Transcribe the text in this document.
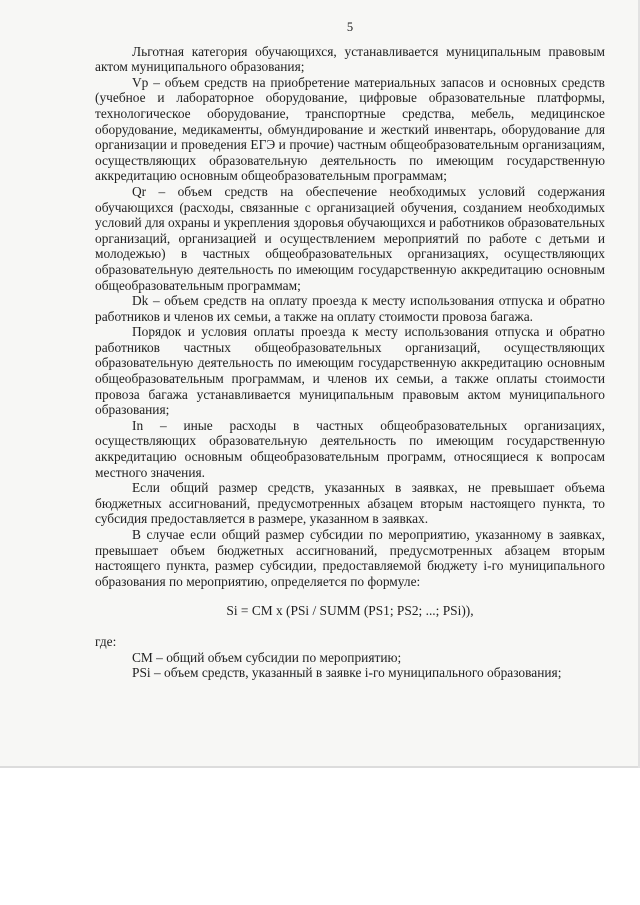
5

Льготная категория обучающихся, устанавливается муниципальным правовым актом муниципального образования;

Vp – объем средств на приобретение материальных запасов и основных средств (учебное и лабораторное оборудование, цифровые образовательные платформы, технологическое оборудование, транспортные средства, мебель, медицинское оборудование, медикаменты, обмундирование и жесткий инвентарь, оборудование для организации и проведения ЕГЭ и прочие) частным общеобразовательным организациям, осуществляющих образовательную деятельность по имеющим государственную аккредитацию основным общеобразовательным программам;

Qr – объем средств на обеспечение необходимых условий содержания обучающихся (расходы, связанные с организацией обучения, созданием необходимых условий для охраны и укрепления здоровья обучающихся и работников образовательных организаций, организацией и осуществлением мероприятий по работе с детьми и молодежью) в частных общеобразовательных организациях, осуществляющих образовательную деятельность по имеющим государственную аккредитацию основным общеобразовательным программам;

Dk – объем средств на оплату проезда к месту использования отпуска и обратно работников и членов их семьи, а также на оплату стоимости провоза багажа.

Порядок и условия оплаты проезда к месту использования отпуска и обратно работников частных общеобразовательных организаций, осуществляющих образовательную деятельность по имеющим государственную аккредитацию основным общеобразовательным программам, и членов их семьи, а также оплаты стоимости провоза багажа устанавливается муниципальным правовым актом муниципального образования;

In – иные расходы в частных общеобразовательных организациях, осуществляющих образовательную деятельность по имеющим государственную аккредитацию основным общеобразовательным программ, относящиеся к вопросам местного значения.

Если общий размер средств, указанных в заявках, не превышает объема бюджетных ассигнований, предусмотренных абзацем вторым настоящего пункта, то субсидия предоставляется в размере, указанном в заявках.

В случае если общий размер субсидии по мероприятию, указанному в заявках, превышает объем бюджетных ассигнований, предусмотренных абзацем вторым настоящего пункта, размер субсидии, предоставляемой бюджету i-го муниципального образования по мероприятию, определяется по формуле:

Si = CM x (PSi / SUMM (PS1; PS2; ...; PSi)),

где:

CM – общий объем субсидии по мероприятию;

PSi – объем средств, указанный в заявке i-го муниципального образования;
